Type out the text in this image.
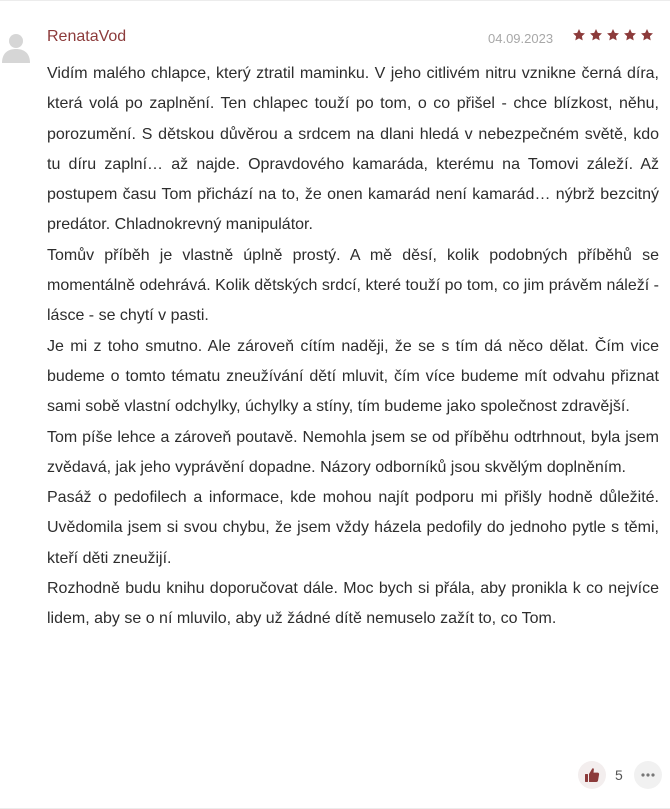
RenataVod	04.09.2023

Vidím malého chlapce, který ztratil maminku. V jeho citlivém nitru vznikne černá díra, která volá po zaplnění. Ten chlapec touží po tom, o co přišel - chce blízkost, něhu, porozumění. S dětskou důvěrou a srdcem na dlani hledá v nebezpečném světě, kdo tu díru zaplní… až najde. Opravdového kamaráda, kterému na Tomovi záleží. Až postupem času Tom přichází na to, že onen kamarád není kamarád… nýbrž bezcitný predátor. Chladnokrevný manipulátor.

Tomův příběh je vlastně úplně prostý. A mě děsí, kolik podobných příběhů se momentálně odehrává. Kolik dětských srdcí, které touží po tom, co jim právěm náleží - lásce - se chytí v pasti.

Je mi z toho smutno. Ale zároveň cítím naději, že se s tím dá něco dělat. Čím vice budeme o tomto tématu zneužívání dětí mluvit, čím více budeme mít odvahu přiznat sami sobě vlastní odchylky, úchylky a stíny, tím budeme jako společnost zdravější.

Tom píše lehce a zároveň poutavě. Nemohla jsem se od příběhu odtrhnout, byla jsem zvědavá, jak jeho vyprávění dopadne. Názory odborníků jsou skvělým doplněním.

Pasáž o pedofilech a informace, kde mohou najít podporu mi přišly hodně důležité. Uvědomila jsem si svou chybu, že jsem vždy házela pedofily do jednoho pytle s těmi, kteří děti zneužijí.

Rozhodně budu knihu doporučovat dále. Moc bych si přála, aby pronikla k co nejvíce lidem, aby se o ní mluvilo, aby už žádné dítě nemuselo zažít to, co Tom.

5
